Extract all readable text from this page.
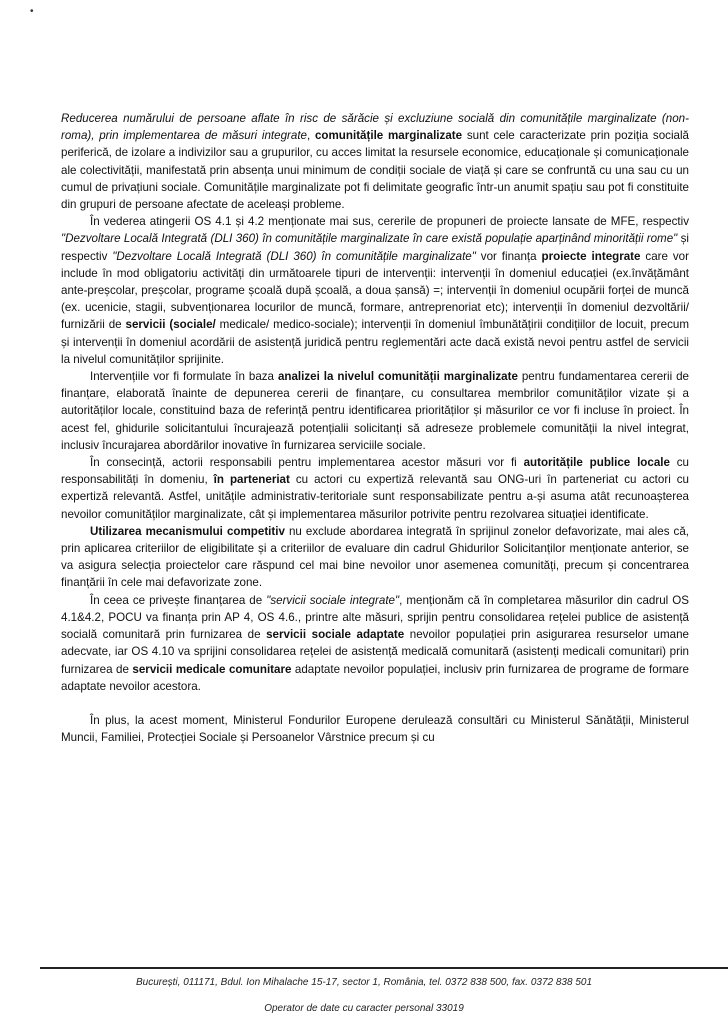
•

Reducerea numărului de persoane aflate în risc de sărăcie și excluziune socială din comunitățile marginalizate (non-roma), prin implementarea de măsuri integrate, comunitățile marginalizate sunt cele caracterizate prin poziția socială periferică, de izolare a indivizilor sau a grupurilor, cu acces limitat la resursele economice, educaționale și comunicaționale ale colectivității, manifestată prin absența unui minimum de condiții sociale de viață și care se confruntă cu una sau cu un cumul de privațiuni sociale. Comunitățile marginalizate pot fi delimitate geografic într-un anumit spațiu sau pot fi constituite din grupuri de persoane afectate de aceleași probleme.

În vederea atingerii OS 4.1 și 4.2 menționate mai sus, cererile de propuneri de proiecte lansate de MFE, respectiv "Dezvoltare Locală Integrată (DLI 360) în comunitățile marginalizate în care există populație aparținând minorității rome" și respectiv "Dezvoltare Locală Integrată (DLI 360) în comunitățile marginalizate" vor finanța proiecte integrate care vor include în mod obligatoriu activități din următoarele tipuri de intervenții: intervenții în domeniul educației (ex.învățământ ante-preșcolar, preșcolar, programe școală după școală, a doua șansă) =; intervenții în domeniul ocupării forței de muncă (ex. ucenicie, stagii, subvenționarea locurilor de muncă, formare, antreprenoriat etc); intervenții în domeniul dezvoltării/ furnizării de servicii (sociale/ medicale/ medico-sociale); intervenții în domeniul îmbunătățirii condițiilor de locuit, precum și intervenții în domeniul acordării de asistență juridică pentru reglementări acte dacă există nevoi pentru astfel de servicii la nivelul comunităților sprijinite.

Intervențiile vor fi formulate în baza analizei la nivelul comunității marginalizate pentru fundamentarea cererii de finanțare, elaborată înainte de depunerea cererii de finanțare, cu consultarea membrilor comunităților vizate și a autorităților locale, constituind baza de referință pentru identificarea priorităților și măsurilor ce vor fi incluse în proiect. În acest fel, ghidurile solicitantului încurajează potențialii solicitanți să adreseze problemele comunității la nivel integrat, inclusiv încurajarea abordărilor inovative în furnizarea serviciile sociale.

În consecință, actorii responsabili pentru implementarea acestor măsuri vor fi autoritățile publice locale cu responsabilități în domeniu, în parteneriat cu actori cu expertiză relevantă sau ONG-uri în parteneriat cu actori cu expertiză relevantă. Astfel, unitățile administrativ-teritoriale sunt responsabilizate pentru a-și asuma atât recunoașterea nevoilor comunităților marginalizate, cât și implementarea măsurilor potrivite pentru rezolvarea situației identificate.

Utilizarea mecanismului competitiv nu exclude abordarea integrată în sprijinul zonelor defavorizate, mai ales că, prin aplicarea criteriilor de eligibilitate și a criteriilor de evaluare din cadrul Ghidurilor Solicitanților menționate anterior, se va asigura selecția proiectelor care răspund cel mai bine nevoilor unor asemenea comunități, precum și concentrarea finanțării în cele mai defavorizate zone.

În ceea ce privește finanțarea de "servicii sociale integrate", menționăm că în completarea măsurilor din cadrul OS 4.1&4.2, POCU va finanța prin AP 4, OS 4.6., printre alte măsuri, sprijin pentru consolidarea rețelei publice de asistență socială comunitară prin furnizarea de servicii sociale adaptate nevoilor populației prin asigurarea resurselor umane adecvate, iar OS 4.10 va sprijini consolidarea rețelei de asistență medicală comunitară (asistenți medicali comunitari) prin furnizarea de servicii medicale comunitare adaptate nevoilor populației, inclusiv prin furnizarea de programe de formare adaptate nevoilor acestora.

În plus, la acest moment, Ministerul Fondurilor Europene derulează consultări cu Ministerul Sănătății, Ministerul Muncii, Familiei, Protecției Sociale și Persoanelor Vârstnice precum și cu

București, 011171, Bdul. Ion Mihalache 15-17, sector 1, România, tel. 0372 838 500, fax. 0372 838 501
Operator de date cu caracter personal 33019
